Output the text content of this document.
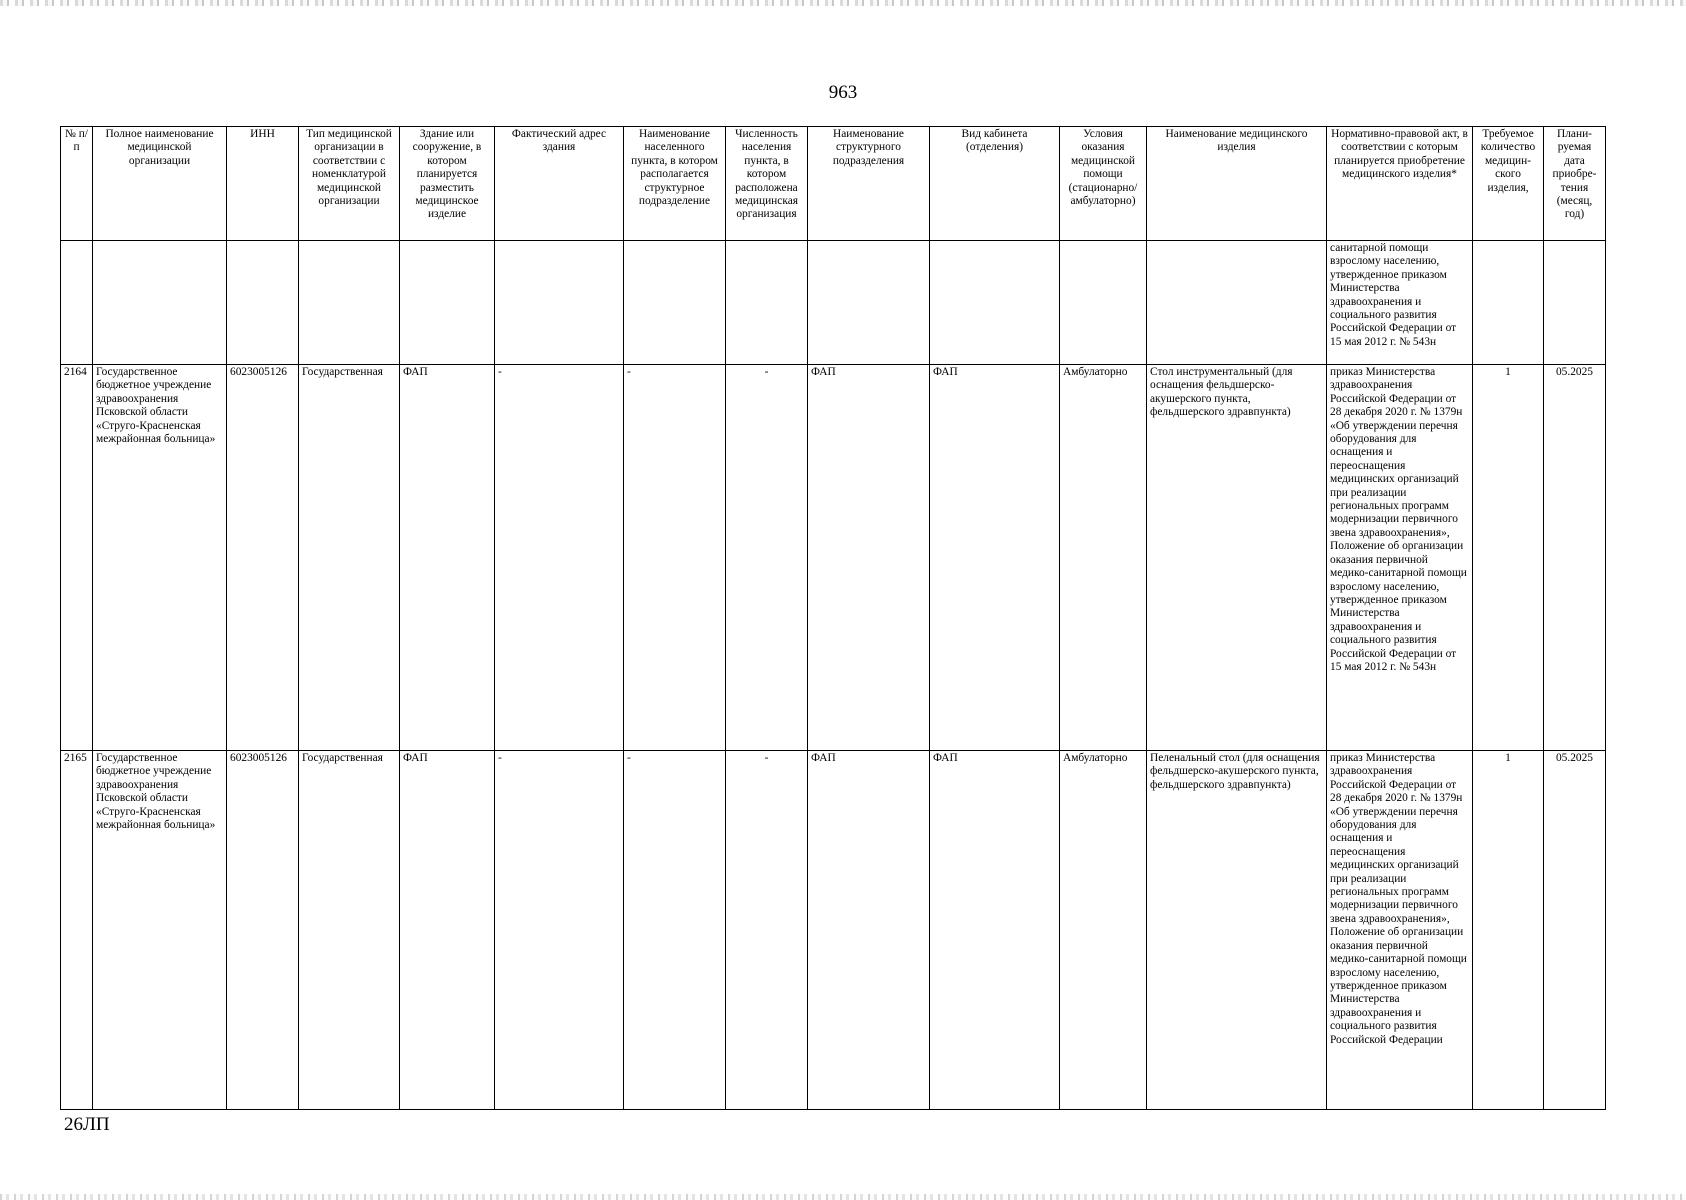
963
№ п/п	Полное наименование медицинской организации	ИНН	Тип медицинской организации в соответствии с номенклатурой медицинской организации	Здание или сооружение, в котором планируется разместить медицинское изделие	Фактический адрес здания	Наименование населенного пункта, в котором располагается структурное подразделение	Численность населения пункта, в котором расположена медицинская организация	Наименование структурного подразделения	Вид кабинета (отделения)	Условия оказания медицинской помощи (стационарно/ амбулаторно)	Наименование медицинского изделия	Нормативно-правовой акт, в соответствии с которым планируется приобретение медицинского изделия*	Требуемое количество медицин-ского изделия,	Плани-руемая дата приобре-тения (месяц, год)
												санитарной помощи взрослому населению, утвержденное приказом Министерства здравоохранения и социального развития Российской Федерации от 15 мая 2012 г. № 543н		
2164	Государственное бюджетное учреждение здравоохранения Псковской области «Струго-Красненская межрайонная больница»	6023005126	Государственная	ФАП	-	-	-	ФАП	ФАП	Амбулаторно	Стол инструментальный (для оснащения фельдшерско-акушерского пункта, фельдшерского здравпункта)	приказ Министерства здравоохранения Российской Федерации от 28 декабря 2020 г. № 1379н «Об утверждении перечня оборудования для оснащения и переоснащения медицинских организаций при реализации региональных программ модернизации первичного звена здравоохранения», Положение об организации оказания первичной медико-санитарной помощи взрослому населению, утвержденное приказом Министерства здравоохранения и социального развития Российской Федерации от 15 мая 2012 г. № 543н	1	05.2025
2165	Государственное бюджетное учреждение здравоохранения Псковской области «Струго-Красненская межрайонная больница»	6023005126	Государственная	ФАП	-	-	-	ФАП	ФАП	Амбулаторно	Пеленальный стол (для оснащения фельдшерско-акушерского пункта, фельдшерского здравпункта)	приказ Министерства здравоохранения Российской Федерации от 28 декабря 2020 г. № 1379н «Об утверждении перечня оборудования для оснащения и переоснащения медицинских организаций при реализации региональных программ модернизации первичного звена здравоохранения», Положение об организации оказания первичной медико-санитарной помощи взрослому населению, утвержденное приказом Министерства здравоохранения и социального развития Российской Федерации	1	05.2025
26ЛП
